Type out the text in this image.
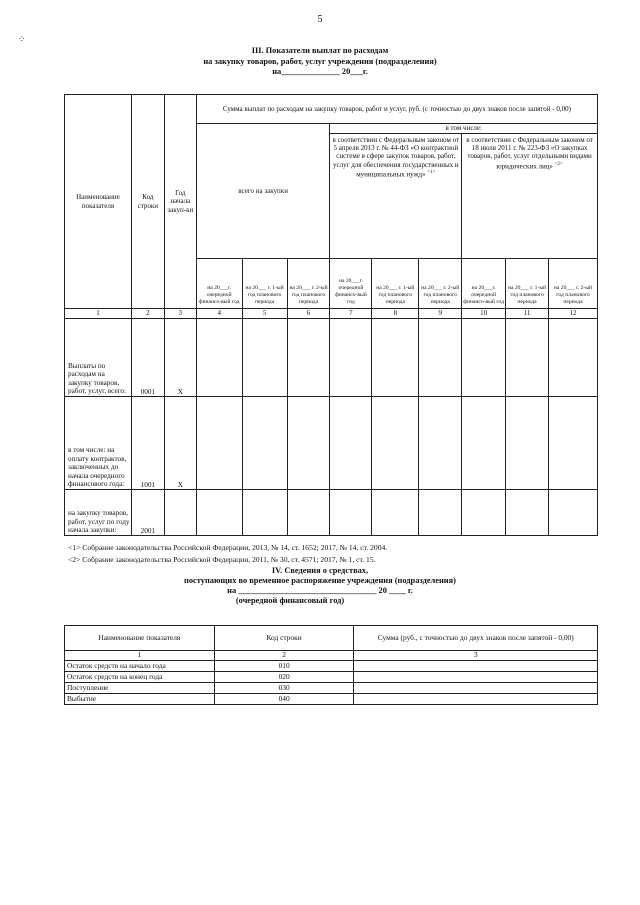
5
⁘
III. Показатели выплат по расходам
на закупку товаров, работ, услуг учреждения (подразделения)
на______________ 20___г.
Наименование показателя	Код строки	Год начала закуп-ки	Сумма выплат по расходам на закупку товаров, работ и услуг, руб. (с точностью до двух знаков после запятой - 0,00)								
			всего на закупки			в том числе:					
						в соответствии с Федеральным законом от 5 апреля 2013 г. № 44-ФЗ «О контрактной системе в сфере закупок товаров, работ, услуг для обеспечения государственных и муниципальных нужд» $^{<1>}$			в соответствии с Федеральным законом от 18 июля 2011 г. № 223-ФЗ «О закупках товаров, работ, услуг отдельными видами юридических лиц» $^{<2>}$
			на 20___г. очередной финансо-вый год	на 20___ г. 1-ый год планового периода	на 20___ г. 2-ый год планового периода	на 20___г. очередной финансо-вый год	на 20___ г. 1-ый год планового периода	на 20___ г. 2-ый год планового периода	на 20___г. очередной финансо-вый год	на 20___ г. 1-ый год планового периода	на 20___ г. 2-ый год планового периода
1	2	3	4	5	6	7	8	9	10	11	12
Выплаты по расходам на закупку товаров, работ, услуг, всего:	0001	X									
в том числе: на оплату контрактов, заключенных до начала очередного финансового года:	1001	X									
на закупку товаров, работ, услуг по году начала закупки:	2001										
<1> Собрание законодательства Российской Федерации, 2013, № 14, ст. 1652; 2017, № 14, ст. 2004.
<2> Собрание законодательства Российской Федерации, 2011, № 30, ст. 4571; 2017, № 1, ст. 15.
IV. Сведения о средствах,
поступающих во временное распоряжение учреждения (подразделения)
на _________________________________ 20 ____ г.
(очередной финансовый год)
Наименование показателя	Код строки	Сумма (руб., с точностью до двух знаков после запятой - 0,00)
1	2	3
Остаток средств на начало года	010	
Остаток средств на конец года	020	
Поступление	030	
Выбытие	040	
